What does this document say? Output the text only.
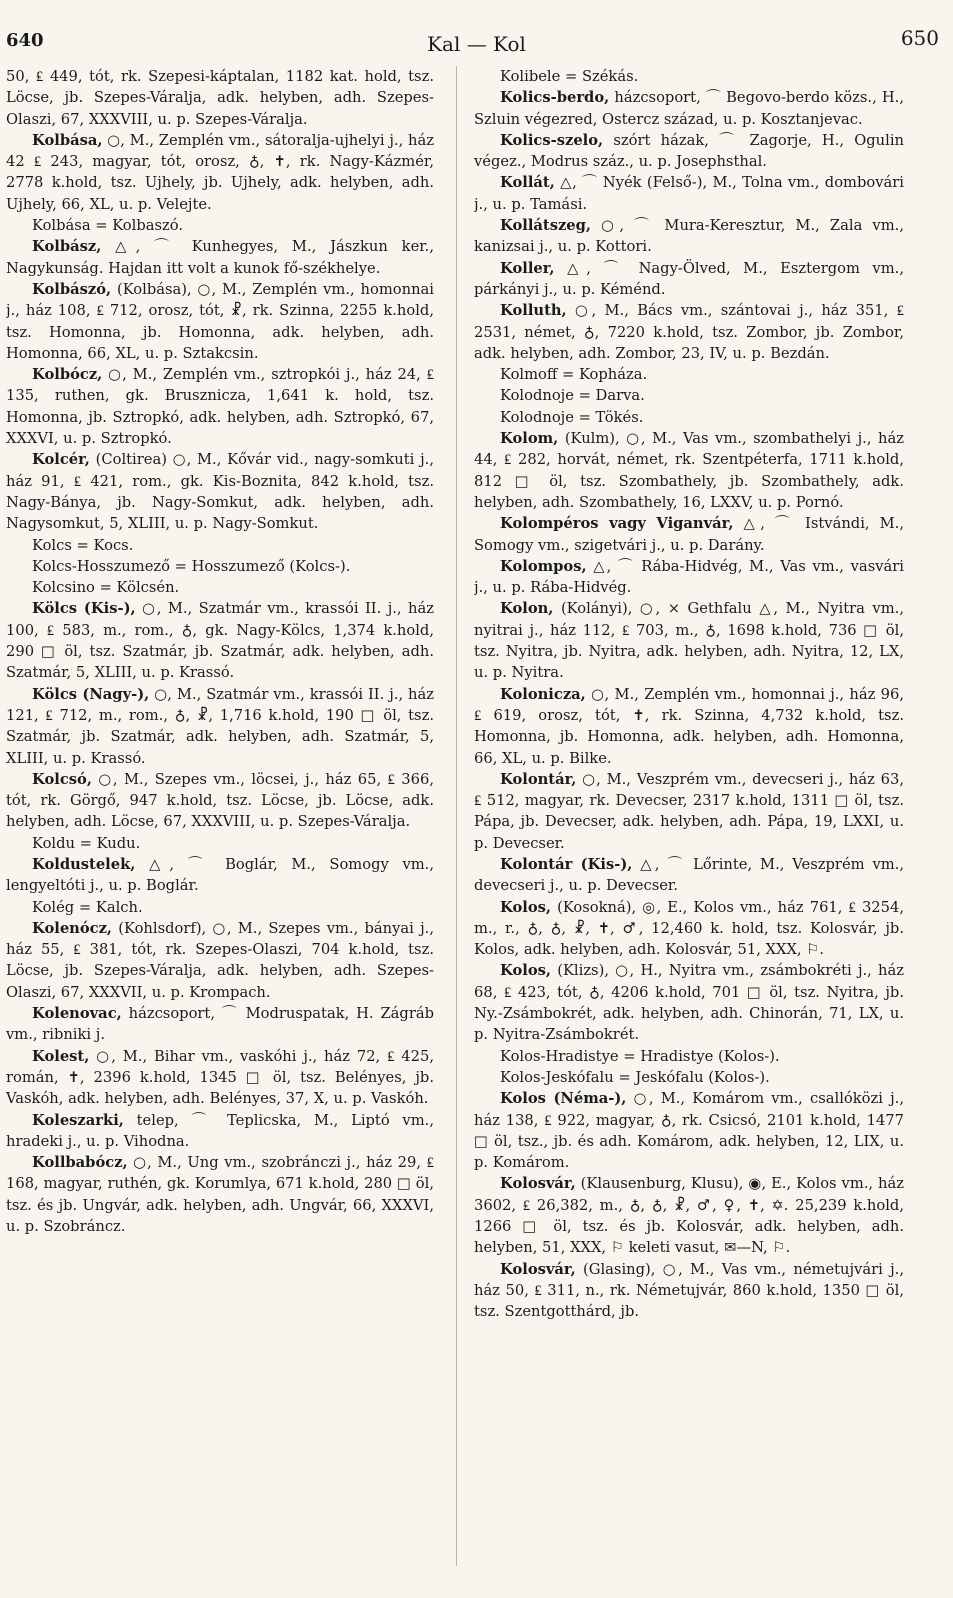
640	Kal — Kol	650

50, ₤ 449, tót, rk. Szepesi-káptalan, 1182 kat. hold, tsz. Löcse, jb. Szepes-Váralja, adk. helyben, adh. Szepes-Olaszi, 67, XXXVIII, u. p. Szepes-Váralja.

Kolbása, ○, M., Zemplén vm., sátoralja-ujhelyi j., ház 42 ₤ 243, magyar, tót, orosz, ♁, ✝, rk. Nagy-Kázmér, 2778 k.hold, tsz. Ujhely, jb. Ujhely, adk. helyben, adh. Ujhely, 66, XL, u. p. Velejte.

Kolbása = Kolbaszó.

Kolbász, △, ⌒ Kunhegyes, M., Jászkun ker., Nagykunság. Hajdan itt volt a kunok fő-székhelye.

Kolbászó, (Kolbása), ○, M., Zemplén vm., homonnai j., ház 108, ₤ 712, orosz, tót, ☧, rk. Szinna, 2255 k.hold, tsz. Homonna, jb. Homonna, adk. helyben, adh. Homonna, 66, XL, u. p. Sztakcsin.

Kolbócz, ○, M., Zemplén vm., sztropkói j., ház 24, ₤ 135, ruthen, gk. Brusznicza, 1,641 k. hold, tsz. Homonna, jb. Sztropkó, adk. helyben, adh. Sztropkó, 67, XXXVI, u. p. Sztropkó.

Kolcér, (Coltirea) ○, M., Kővár vid., nagy-somkuti j., ház 91, ₤ 421, rom., gk. Kis-Boznita, 842 k.hold, tsz. Nagy-Bánya, jb. Nagy-Somkut, adk. helyben, adh. Nagysomkut, 5, XLIII, u. p. Nagy-Somkut.

Kolcs = Kocs.

Kolcs-Hosszumező = Hosszumező (Kolcs-).

Kolcsino = Kölcsén.

Kölcs (Kis-), ○, M., Szatmár vm., krassói II. j., ház 100, ₤ 583, m., rom., ♁, gk. Nagy-Kölcs, 1,374 k.hold, 290 □ öl, tsz. Szatmár, jb. Szatmár, adk. helyben, adh. Szatmár, 5, XLIII, u. p. Krassó.

Kölcs (Nagy-), ○, M., Szatmár vm., krassói II. j., ház 121, ₤ 712, m., rom., ♁, ☧, 1,716 k.hold, 190 □ öl, tsz. Szatmár, jb. Szatmár, adk. helyben, adh. Szatmár, 5, XLIII, u. p. Krassó.

Kolcsó, ○, M., Szepes vm., löcsei, j., ház 65, ₤ 366, tót, rk. Görgő, 947 k.hold, tsz. Löcse, jb. Löcse, adk. helyben, adh. Löcse, 67, XXXVIII, u. p. Szepes-Váralja.

Koldu = Kudu.

Koldustelek, △, ⌒ Boglár, M., Somogy vm., lengyeltóti j., u. p. Boglár.

Kolég = Kalch.

Kolenócz, (Kohlsdorf), ○, M., Szepes vm., bányai j., ház 55, ₤ 381, tót, rk. Szepes-Olaszi, 704 k.hold, tsz. Löcse, jb. Szepes-Váralja, adk. helyben, adh. Szepes-Olaszi, 67, XXXVII, u. p. Krompach.

Kolenovac, házcsoport, ⌒ Modruspatak, H. Zágráb vm., ribniki j.

Kolest, ○, M., Bihar vm., vaskóhi j., ház 72, ₤ 425, román, ✝, 2396 k.hold, 1345 □ öl, tsz. Belényes, jb. Vaskóh, adk. helyben, adh. Belényes, 37, X, u. p. Vaskóh.

Koleszarki, telep, ⌒ Teplicska, M., Liptó vm., hradeki j., u. p. Vihodna.

Kollbabócz, ○, M., Ung vm., szobránczi j., ház 29, ₤ 168, magyar, ruthén, gk. Korumlya, 671 k.hold, 280 □ öl, tsz. és jb. Ungvár, adk. helyben, adh. Ungvár, 66, XXXVI, u. p. Szobráncz.

Kolibele = Székás.

Kolics-berdo, házcsoport, ⌒ Begovo-berdo közs., H., Szluin végezred, Ostercz század, u. p. Kosztanjevac.

Kolics-szelo, szórt házak, ⌒ Zagorje, H., Ogulin végez., Modrus száz., u. p. Josephsthal.

Kollát, △, ⌒ Nyék (Felső-), M., Tolna vm., dombovári j., u. p. Tamási.

Kollátszeg, ○, ⌒ Mura-Keresztur, M., Zala vm., kanizsai j., u. p. Kottori.

Koller, △, ⌒ Nagy-Ölved, M., Esztergom vm., párkányi j., u. p. Kéménd.

Kolluth, ○, M., Bács vm., szántovai j., ház 351, ₤ 2531, német, ♁, 7220 k.hold, tsz. Zombor, jb. Zombor, adk. helyben, adh. Zombor, 23, IV, u. p. Bezdán.

Kolmoff = Kopháza.

Kolodnoje = Darva.

Kolodnoje = Tökés.

Kolom, (Kulm), ○, M., Vas vm., szombathelyi j., ház 44, ₤ 282, horvát, német, rk. Szentpéterfa, 1711 k.hold, 812 □ öl, tsz. Szombathely, jb. Szombathely, adk. helyben, adh. Szombathely, 16, LXXV, u. p. Pornó.

Kolompéros vagy Viganvár, △, ⌒ Istvándi, M., Somogy vm., szigetvári j., u. p. Darány.

Kolompos, △, ⌒ Rába-Hidvég, M., Vas vm., vasvári j., u. p. Rába-Hidvég.

Kolon, (Kolányi), ○, ⨯ Gethfalu △, M., Nyitra vm., nyitrai j., ház 112, ₤ 703, m., ♁, 1698 k.hold, 736 □ öl, tsz. Nyitra, jb. Nyitra, adk. helyben, adh. Nyitra, 12, LX, u. p. Nyitra.

Kolonicza, ○, M., Zemplén vm., homonnai j., ház 96, ₤ 619, orosz, tót, ✝, rk. Szinna, 4,732 k.hold, tsz. Homonna, jb. Homonna, adk. helyben, adh. Homonna, 66, XL, u. p. Bilke.

Kolontár, ○, M., Veszprém vm., devecseri j., ház 63, ₤ 512, magyar, rk. Devecser, 2317 k.hold, 1311 □ öl, tsz. Pápa, jb. Devecser, adk. helyben, adh. Pápa, 19, LXXI, u. p. Devecser.

Kolontár (Kis-), △, ⌒ Lőrinte, M., Veszprém vm., devecseri j., u. p. Devecser.

Kolos, (Kosokná), ◎, E., Kolos vm., ház 761, ₤ 3254, m., r., ♁, ♁, ☧, ✝, ♂, 12,460 k. hold, tsz. Kolosvár, jb. Kolos, adk. helyben, adh. Kolosvár, 51, XXX, ⚐.

Kolos, (Klizs), ○, H., Nyitra vm., zsámbokréti j., ház 68, ₤ 423, tót, ♁, 4206 k.hold, 701 □ öl, tsz. Nyitra, jb. Ny.-Zsámbokrét, adk. helyben, adh. Chinorán, 71, LX, u. p. Nyitra-Zsámbokrét.

Kolos-Hradistye = Hradistye (Kolos-).

Kolos-Jeskófalu = Jeskófalu (Kolos-).

Kolos (Néma-), ○, M., Komárom vm., csallóközi j., ház 138, ₤ 922, magyar, ♁, rk. Csicsó, 2101 k.hold, 1477 □ öl, tsz., jb. és adh. Komárom, adk. helyben, 12, LIX, u. p. Komárom.

Kolosvár, (Klausenburg, Klusu), ◉, E., Kolos vm., ház 3602, ₤ 26,382, m., ♁, ♁, ☧, ♂, ♀, ✝, ✡. 25,239 k.hold, 1266 □ öl, tsz. és jb. Kolosvár, adk. helyben, adh. helyben, 51, XXX, ⚐ keleti vasut, ✉—N, ⚐.

Kolosvár, (Glasing), ○, M., Vas vm., németujvári j., ház 50, ₤ 311, n., rk. Németujvár, 860 k.hold, 1350 □ öl, tsz. Szentgotthárd, jb.
